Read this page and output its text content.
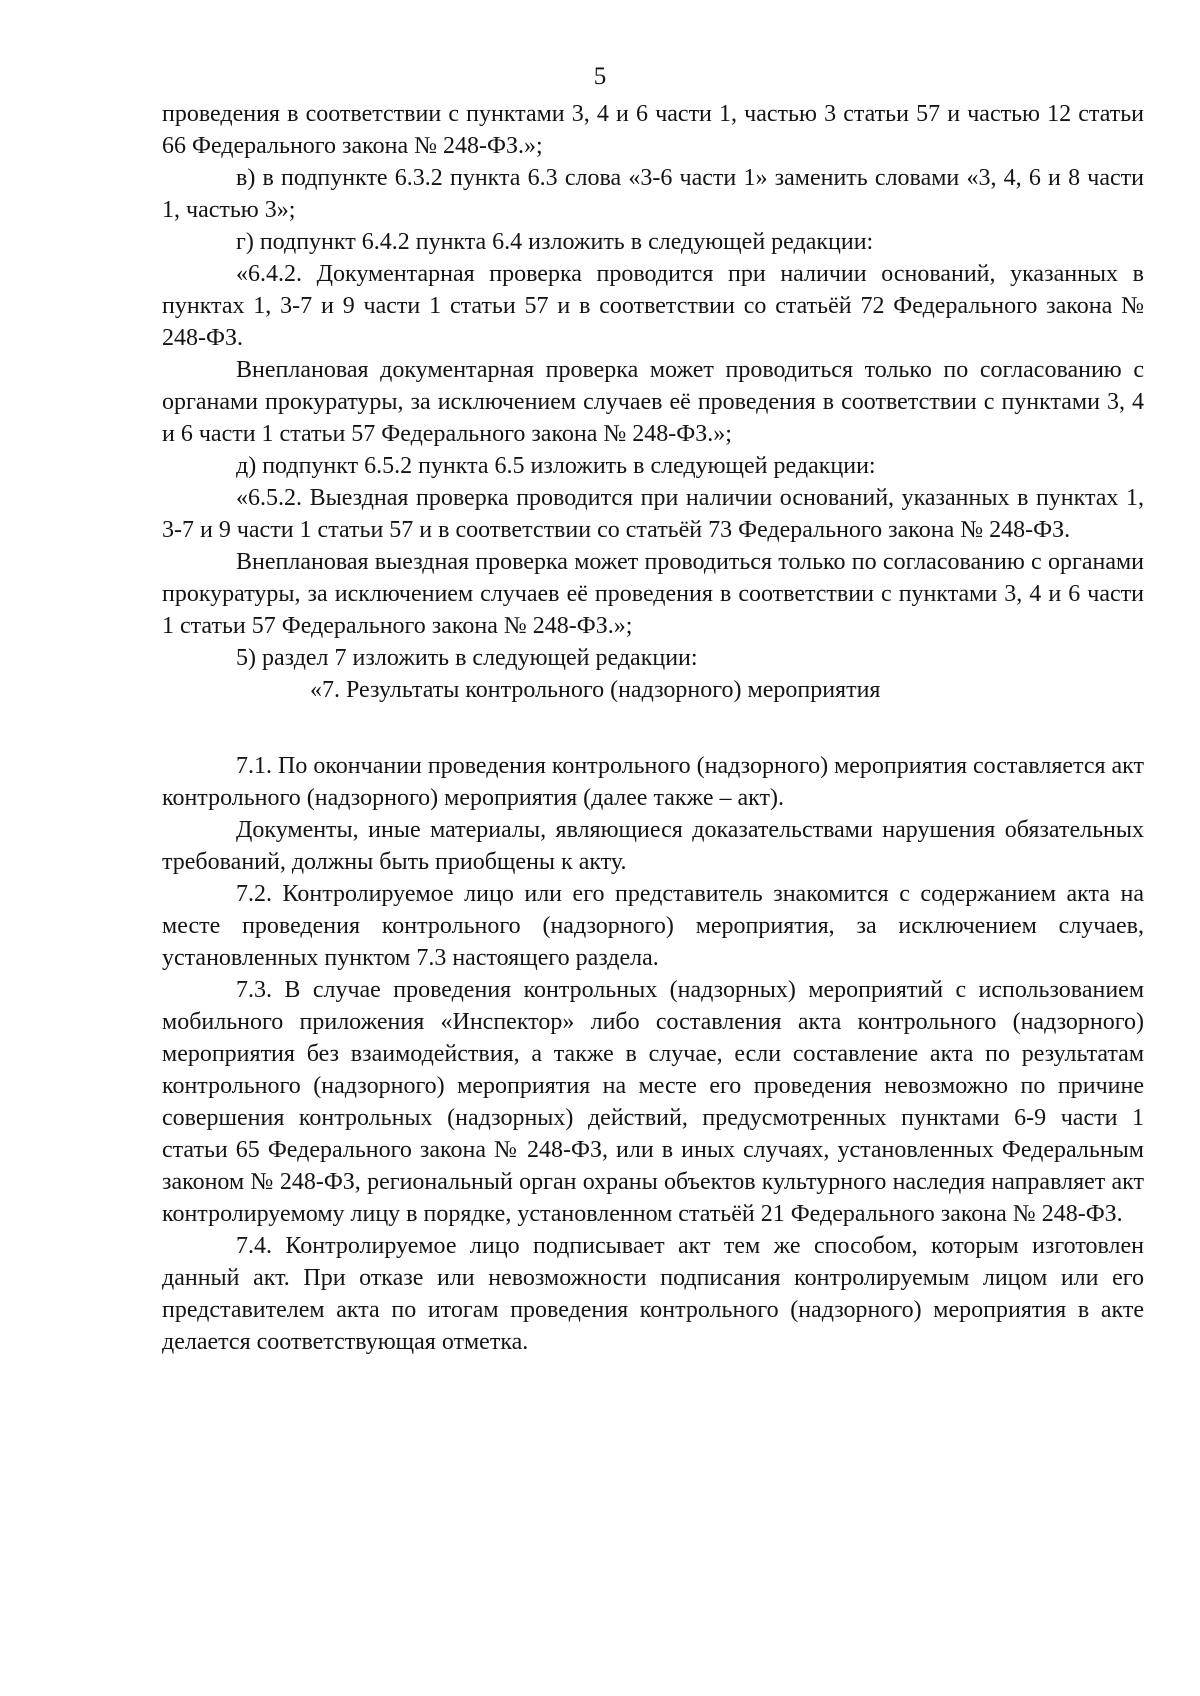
5

проведения в соответствии с пунктами 3, 4 и 6 части 1, частью 3 статьи 57 и частью 12 статьи 66 Федерального закона № 248-ФЗ.»;

в) в подпункте 6.3.2 пункта 6.3 слова «3-6 части 1» заменить словами «3, 4, 6 и 8 части 1, частью 3»;

г) подпункт 6.4.2 пункта 6.4 изложить в следующей редакции:

«6.4.2. Документарная проверка проводится при наличии оснований, указанных в пунктах 1, 3-7 и 9 части 1 статьи 57 и в соответствии со статьёй 72 Федерального закона № 248-ФЗ.

Внеплановая документарная проверка может проводиться только по согласованию с органами прокуратуры, за исключением случаев её проведения в соответствии с пунктами 3, 4 и 6 части 1 статьи 57 Федерального закона № 248-ФЗ.»;

д) подпункт 6.5.2 пункта 6.5 изложить в следующей редакции:

«6.5.2. Выездная проверка проводится при наличии оснований, указанных в пунктах 1, 3-7 и 9 части 1 статьи 57 и в соответствии со статьёй 73 Федерального закона № 248-ФЗ.

Внеплановая выездная проверка может проводиться только по согласованию с органами прокуратуры, за исключением случаев её проведения в соответствии с пунктами 3, 4 и 6 части 1 статьи 57 Федерального закона № 248-ФЗ.»;

5) раздел 7 изложить в следующей редакции:

«7. Результаты контрольного (надзорного) мероприятия

7.1. По окончании проведения контрольного (надзорного) мероприятия составляется акт контрольного (надзорного) мероприятия (далее также – акт).

Документы, иные материалы, являющиеся доказательствами нарушения обязательных требований, должны быть приобщены к акту.

7.2. Контролируемое лицо или его представитель знакомится с содержанием акта на месте проведения контрольного (надзорного) мероприятия, за исключением случаев, установленных пунктом 7.3 настоящего раздела.

7.3. В случае проведения контрольных (надзорных) мероприятий с использованием мобильного приложения «Инспектор» либо составления акта контрольного (надзорного) мероприятия без взаимодействия, а также в случае, если составление акта по результатам контрольного (надзорного) мероприятия на месте его проведения невозможно по причине совершения контрольных (надзорных) действий, предусмотренных пунктами 6-9 части 1 статьи 65 Федерального закона № 248-ФЗ, или в иных случаях, установленных Федеральным законом № 248-ФЗ, региональный орган охраны объектов культурного наследия направляет акт контролируемому лицу в порядке, установленном статьёй 21 Федерального закона № 248-ФЗ.

7.4. Контролируемое лицо подписывает акт тем же способом, которым изготовлен данный акт. При отказе или невозможности подписания контролируемым лицом или его представителем акта по итогам проведения контрольного (надзорного) мероприятия в акте делается соответствующая отметка.
